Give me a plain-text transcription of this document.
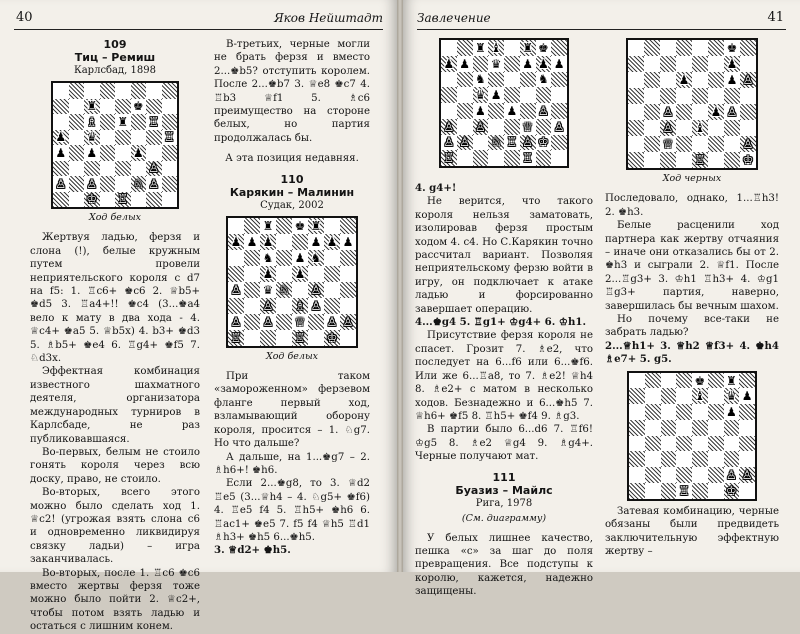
40	Яков Нейштадт
109
Тиц – Ремиш
Карлсбад, 1898
♜	♚
♗ ♜ ♖
♟ ♛	♖
♟ ♟	♟
♙
♙ ♙	♘ ♙
♔ ♖
Ход белых

Жертвуя ладью, ферзя и слона (!), белые кружным путем провели неприятельского короля с d7 на f5: 1. ♖c6+ ♚c6 2. ♕b5+ ♚d5 3. ♖a4+!! ♚c4 (3...♚a4 вело к мату в два хода - 4. ♕c4+ ♚a5 5. ♕b5х) 4. b3+ ♚d3 5. ♗b5+ ♚e4 6. ♖g4+ ♚f5 7. ♘d3х.

Эффектная комбинация известного шахматного деятеля, организатора международных турниров в Карлсбаде, не раз публиковавшаяся.

Во-первых, белым не стоило гонять короля через всю доску, право, не стоило.

Во-вторых, всего этого можно было сделать ход 1. ♕c2! (угрожая взять слона c6 и одновременно ликвидируя связку ладьи) – игра заканчивалась.

Во-вторых, после 1. ♖c6 ♚c6 вместо жертвы ферзя тоже можно было пойти 2. ♕c2+, чтобы потом взять ладью и остаться с лишним конем.

В-третьих, черные могли не брать ферзя и вместо 2...♚b5? отступить королем. После 2...♚b7 3. ♕e8 ♚c7 4. ♖b3 ♕f1 5. ♗c6 преимущество на стороне белых, но партия продолжалась бы.

А эта позиция недавняя.

110
Карякин – Малинин
Судак, 2002
♜ ♚ ♜
♟ ♟ ♟	♟ ♟ ♟
♞ ♟ ♞
♟ ♟
♙ ♛ ♘ ♙
♙ ♗ ♙
♙ ♙ ♕ ♙ ♙
♖	♖ ♔
Ход белых

При таком «замороженном» ферзевом фланге первый ход, взламывающий оборону короля, просится – 1. ♘g7. Но что дальше?

А дальше, на 1...♚g7 – 2. ♗h6+! ♚h6.

Если 2...♚g8, то 3. ♕d2 ♖e5 (3...♕h4 – 4. ♘g5+ ♚f6) 4. ♖e5 f4 5. ♖h5+ ♚h6 6. ♖ac1+ ♚e5 7. f5 f4 ♕h5 ♖d1 ♗h3+ ♚h5 6...♚h5.

3. ♕d2+ ♚h5.

Завлечение	41
♜ ♝ ♜ ♚
♟ ♟ ♛ ♟ ♟ ♟
♞	♞
♛ ♟
♟ ♟ ♙
♙ ♙	♕ ♙
♙ ♙ ♘ ♖ ♙ ♔
♖	♖

4. g4+!

Не верится, что такого короля нельзя заматовать, изолировав ферзя простым ходом 4. c4. Но С.Карякин точно рассчитал вариант. Позволяя неприятельскому ферзю войти в игру, он подключает к атаке ладью и форсированно завершает операцию.

4...♚g4 5. ♖g1+ ♔g4+ 6. ♔h1.

Присутствие ферзя короля не спасет. Грозит 7. ♗e2, что последует на 6...f6 или 6...♚f6. Или же 6...♖a8, то 7. ♗e2! ♕h4 8. ♗e2+ c матом в несколько ходов. Безнадежно и 6...♚h5 7. ♕h6+ ♚f5 8. ♖h5+ ♚f4 9. ♗g3.

В партии было 6...d6 7. ♖f6! ♔g5 8. ♗e2 ♕g4 9. ♗g4+. Черные получают мат.

111
Буазиз – Майлс
Рига, 1978
(См. диаграмму)

У белых лишнее качество, пешка «c» за шаг до поля превращения. Все подступы к королю, кажется, надежно защищены.

♚
♟
♟	♟ ♙
♙	♟ ♙
♙ ♝
♕	♙
♖	♔
Ход черных

Последовало, однако, 1...♖h3! 2. ♚h3.

Белые расценили ход партнера как жертву отчаяния – иначе они отказались бы от 2. ♚h3 и сыграли 2. ♕f1. После 2...♖g3+ 3. ♔h1 ♖h3+ 4. ♔g1 ♖g3+ партия, наверно, завершилась бы вечным шахом.

Но почему все-таки не забрать ладью?

2...♕h1+ 3. ♕h2 ♕f3+ 4. ♚h4 ♗e7+ 5. g5.

♚ ♜
♝ ♛ ♟
♟
♙ ♙
♖	♔

Затевая комбинацию, черные обязаны были предвидеть заключительную эффектную жертву –
